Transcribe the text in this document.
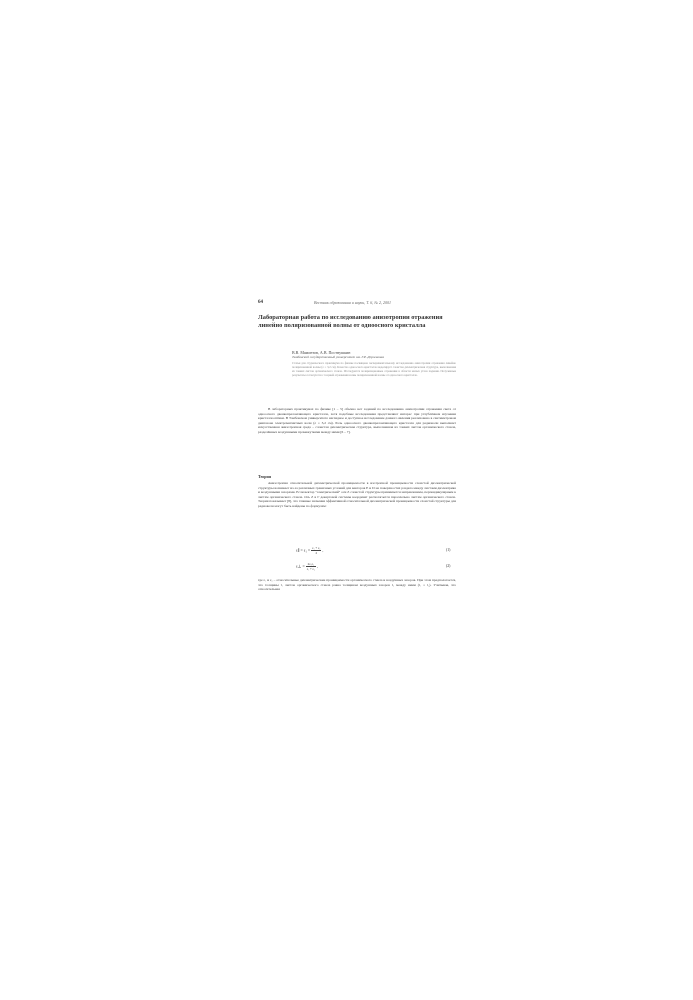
64	Вестник образования и науки, Т. 6, № 2, 2001
Лабораторная работа по исследованию анизотропии отражения линейно поляризованной волны от одноосного кристалла
В.В. Мамонтов, А.В. Постнушкин
Тамбовский государственный университет им. Г.Р. Державина
Статья для студенческого практикума по физике посвящена экспериментальному исследованию анизотропии отражения линейно поляризованной волны (λ = 3,2 см). Качество одноосного кристалла моделирует слоистая диэлектрическая структура, выполненная из тонких листов органического стекла. Исследуются поляризационные отражения в области малых углов падения. Полученные результаты согласуются с теорией отражения волны поляризованной волны от одноосного кристалла.
В лабораторных практикумах по физике [1 – 5] обычно нет заданий по исследованию анизотропии отражения света от одноосного двоякопреломляющего кристалла, хотя подобные исследования представляют интерес при углублённом изучении кристаллооптики. В Тамбовском университете наглядное и доступное исследование данного явления реализовано в сантиметровом диапазоне электромагнитных волн (λ = 3,2 см). Роль одноосного двоякопреломляющего кристалла для радиоволн выполняет искусственная анизотропная среда – слоистая диэлектрическая структура, выполненная из тонких листов органического стекла, разделённых воздушными промежутками между ними [6 – 7].
Теория
Анизотропия относительной диэлектрической проницаемости в изотропной проницаемости слоистой диэлектрической структуры возникает из-за различных граничных условий для векторов E и D на поверхностях раздела между листами диэлектрика и воздушными зазорами. Если вектор "электрический" оси Z слоистой структуры принимается направлением, перпендикулярным к листам органического стекла. Ось Z в Г декартовой системы координат располагается параллельно листам органического стекла. Теория показывает [8], что главные значения эффективной относительной диэлектрической проницаемости слоистой структуры для радиоволн могут быть найдены по формулам:
ε∥ = $\varepsilon_1 = \frac{\text{ε₁ + ε₂}}{2}$ ,	(1)
ε⊥ = $\frac{\text{2ε₁ε₂}}{\text{ε₁ + ε₂}}$ ,	(2)
где ε₁ и ε₂ – относительные диэлектрические проницаемости органического стекла и воздушных зазоров. При этом предполагается, что толщины l₁ листов органического стекла равна толщинам воздушных зазоров l₂ между ними (l₁ = l₂). Учитывая, что относительная
